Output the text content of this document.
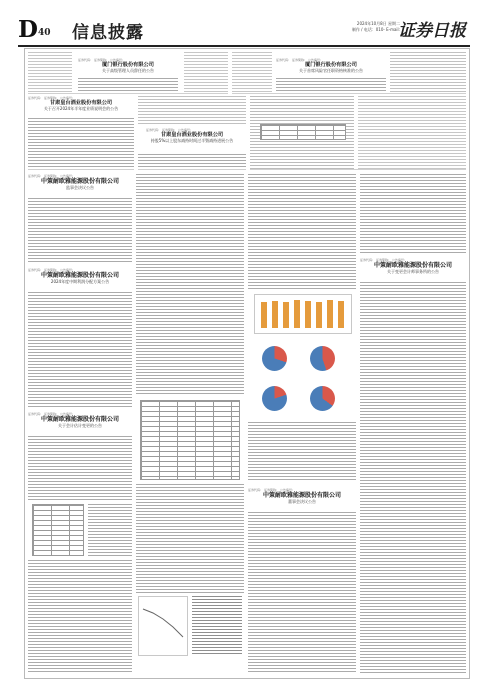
D 40 信息披露	2024年10月8日 星期二
制作 / 电话：010- E-mail:
证券日报
证券代码： 证券简称： 公告编号：
厦门银行股份有限公司
关于高级管理人员辞任的公告
证券代码： 证券简称： 公告编号：
厦门银行股份有限公司
关于首席风险官任职资格核准的公告
证券代码： 证券简称： 公告编号：
甘肃皇台酒业股份有限公司
关于召开2024年半年度业绩说明会的公告
证券代码： 证券简称： 公告编号：
甘肃皇台酒业股份有限公司
持股5%以上股东减持时间过半暨减持进展公告
证券代码： 证券简称： 公告编号：
中策耐欧雅能源股份有限公司
监事会决议公告
证券代码： 证券简称： 公告编号：
中策耐欧雅能源股份有限公司
2024年度中期利润分配方案公告
证券代码： 证券简称： 公告编号：
中策耐欧雅能源股份有限公司
关于会计估计变更的公告
证券代码： 证券简称： 公告编号：
中策耐欧雅能源股份有限公司
董事会决议公告
证券代码： 证券简称： 公告编号：
中策耐欧雅能源股份有限公司
关于变更会计师事务所的公告
